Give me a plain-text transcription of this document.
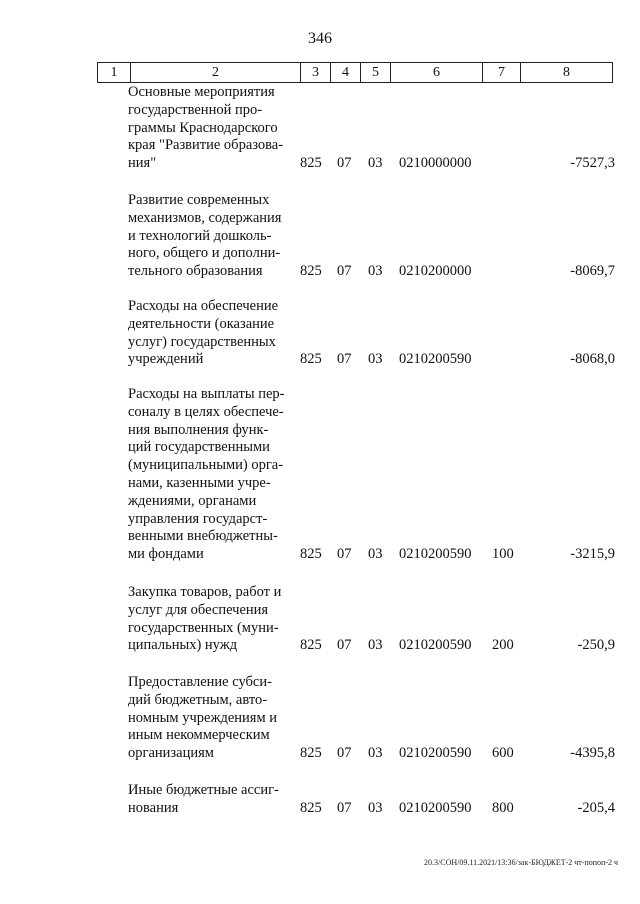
346
1	2	3	4	5	6	7	8
Основные мероприятия
государственной про-
граммы Краснодарского
края "Развитие образова-
ния"	825 07 03 0210000000	-7527,3
Развитие современных
механизмов, содержания
и технологий дошколь-
ного, общего и дополни-
тельного образования	825 07 03 0210200000	-8069,7
Расходы на обеспечение
деятельности (оказание
услуг) государственных
учреждений	825 07 03 0210200590	-8068,0
Расходы на выплаты пер-
соналу в целях обеспече-
ния выполнения функ-
ций государственными
(муниципальными) орга-
нами, казенными учре-
ждениями, органами
управления государст-
венными внебюджетны-
ми фондами	825 07 03 0210200590 100	-3215,9
Закупка товаров, работ и
услуг для обеспечения
государственных (муни-
ципальных) нужд	825 07 03 0210200590 200	-250,9
Предоставление субси-
дий бюджетным, авто-
номным учреждениям и
иным некоммерческим
организациям	825 07 03 0210200590 600	-4395,8
Иные бюджетные ассиг-
нования	825 07 03 0210200590 800	-205,4
20.3/СОН/09.11.2021/13:36/зак-БЮДЖЕТ-2 чт-попоп-2 ч
